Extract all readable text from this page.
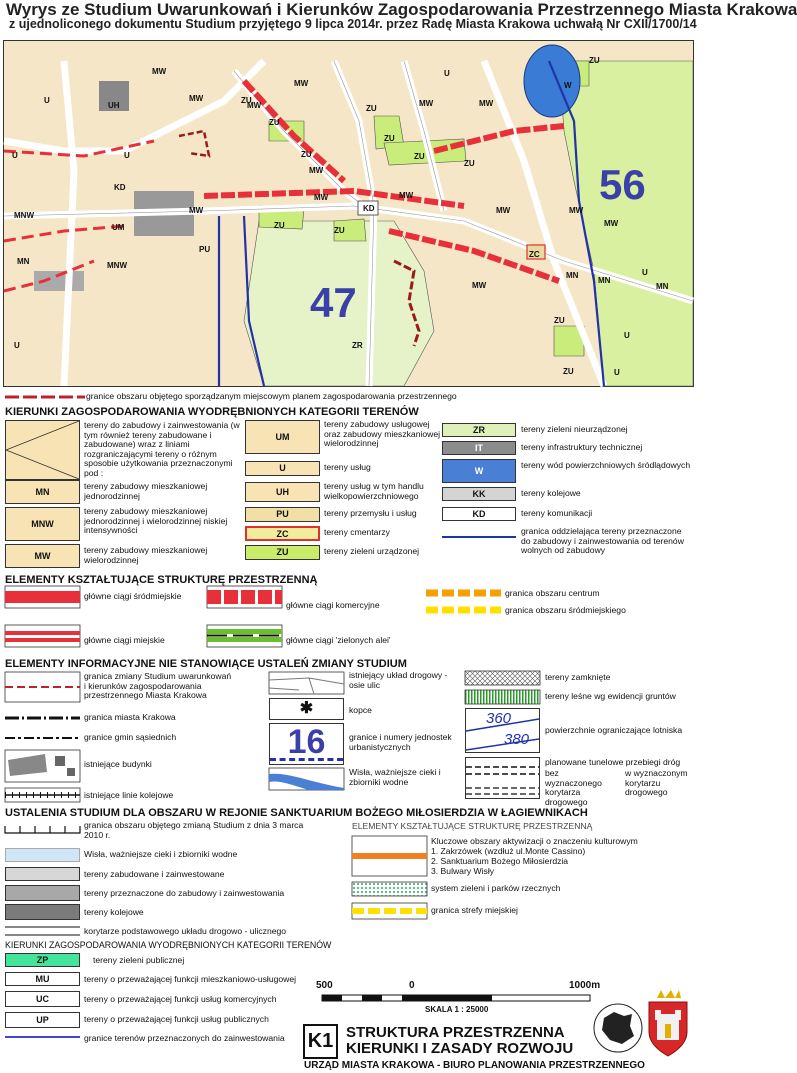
Wyrys ze Studium Uwarunkowań i Kierunków Zagospodarowania Przestrzennego Miasta Krakowa
z ujednoliconego dokumentu Studium przyjętego 9 lipca 2014r. przez Radę Miasta Krakowa uchwałą Nr CXII/1700/14
56
47
MW
MW
MW
MW
MW	MW
MW
MW
MW
MW
MW	MW
MW
MW
ZU
ZU
ZU
ZU
ZU
ZU	ZU
ZU
ZU
ZU
ZU
U
U	U
U
U
U
U
UH
UM
PU
MNW
MNW
MN
MN
MN
MN
KD
KD
ZR
ZC
W
ZU	U
granice obszaru objętego sporządzanym miejscowym planem zagospodarowania przestrzennego
KIERUNKI ZAGOSPODAROWANIA WYODRĘBNIONYCH KATEGORII TERENÓW
tereny do zabudowy i zainwestowania (w tym również tereny zabudowane i zabudowane) wraz z liniami rozgraniczającymi tereny o różnym sposobie użytkowania przeznaczonymi pod :
MN
tereny zabudowy mieszkaniowej jednorodzinnej
MNW
tereny zabudowy mieszkaniowej jednorodzinnej i wielorodzinnej niskiej intensywności
MW
tereny zabudowy mieszkaniowej wielorodzinnej
UM
tereny zabudowy usługowej oraz zabudowy mieszkaniowej wielorodzinnej
U	tereny usług
UH
tereny usług w tym handlu wielkopowierzchniowego
PU	tereny przemysłu i usług
ZC	tereny cmentarzy
ZU	tereny zieleni urządzonej
ZR	tereny zieleni nieurządzonej
IT	tereny infrastruktury technicznej
W
tereny wód powierzchniowych śródlądowych
KK	tereny kolejowe
KD	tereny komunikacji
granica oddzielająca tereny przeznaczone do zabudowy i zainwestowania od terenów wolnych od zabudowy
ELEMENTY KSZTAŁTUJĄCE STRUKTURĘ PRZESTRZENNĄ
główne ciągi śródmiejskie
główne ciągi komercyjne
granica obszaru centrum
granica obszaru śródmiejskiego
główne ciągi miejskie	główne ciągi 'zielonych alei'
ELEMENTY INFORMACYJNE NIE STANOWIĄCE USTALEŃ ZMIANY STUDIUM
granica zmiany Studium uwarunkowań i kierunków zagospodarowania przestrzennego Miasta Krakowa
granica miasta Krakowa
granice gmin sąsiednich
istniejące budynki
istniejące linie kolejowe
istniejący układ drogowy - osie ulic
✱	kopce
16	granice i numery jednostek urbanistycznych
Wisła, ważniejsze cieki i zbiorniki wodne
tereny zamknięte
tereny leśne wg ewidencji gruntów
360
380
powierzchnie ograniczające lotniska
planowane tunelowe przebiegi dróg
bez wyznaczonego korytarza drogowego
w wyznaczonym korytarzu drogowego
USTALENIA STUDIUM DLA OBSZARU W REJONIE SANKTUARIUM BOŻEGO MIŁOSIERDZIA W ŁAGIEWNIKACH
granica obszaru objętego zmianą Studium z dnia 3 marca 2010 r.
Wisła, ważniejsze cieki i zbiorniki wodne
tereny zabudowane i zainwestowane
tereny przeznaczone do zabudowy i zainwestowania
tereny kolejowe
korytarze podstawowego układu drogowo - ulicznego
ELEMENTY KSZTAŁTUJĄCE STRUKTURĘ PRZESTRZENNĄ
Kluczowe obszary aktywizacji o znaczeniu kulturowym
1. Zakrzówek (wzdłuż ul.Monte Cassino)
2. Sanktuarium Bożego Miłosierdzia
3. Bulwary Wisły
system zieleni i parków rzecznych
granica strefy miejskiej
KIERUNKI ZAGOSPODAROWANIA WYODRĘBNIONYCH KATEGORII TERENÓW
ZP	tereny zieleni publicznej
MU	tereny o przeważającej funkcji mieszkaniowo-usługowej
UC	tereny o przeważającej funkcji usług komercyjnych
UP	tereny o przeważającej funkcji usług publicznych
granice terenów przeznaczonych do zainwestowania
500	0	1000m
SKALA 1 : 25000
K1 STRUKTURA PRZESTRZENNA
KIERUNKI I ZASADY ROZWOJU
URZĄD MIASTA KRAKOWA - BIURO PLANOWANIA PRZESTRZENNEGO
